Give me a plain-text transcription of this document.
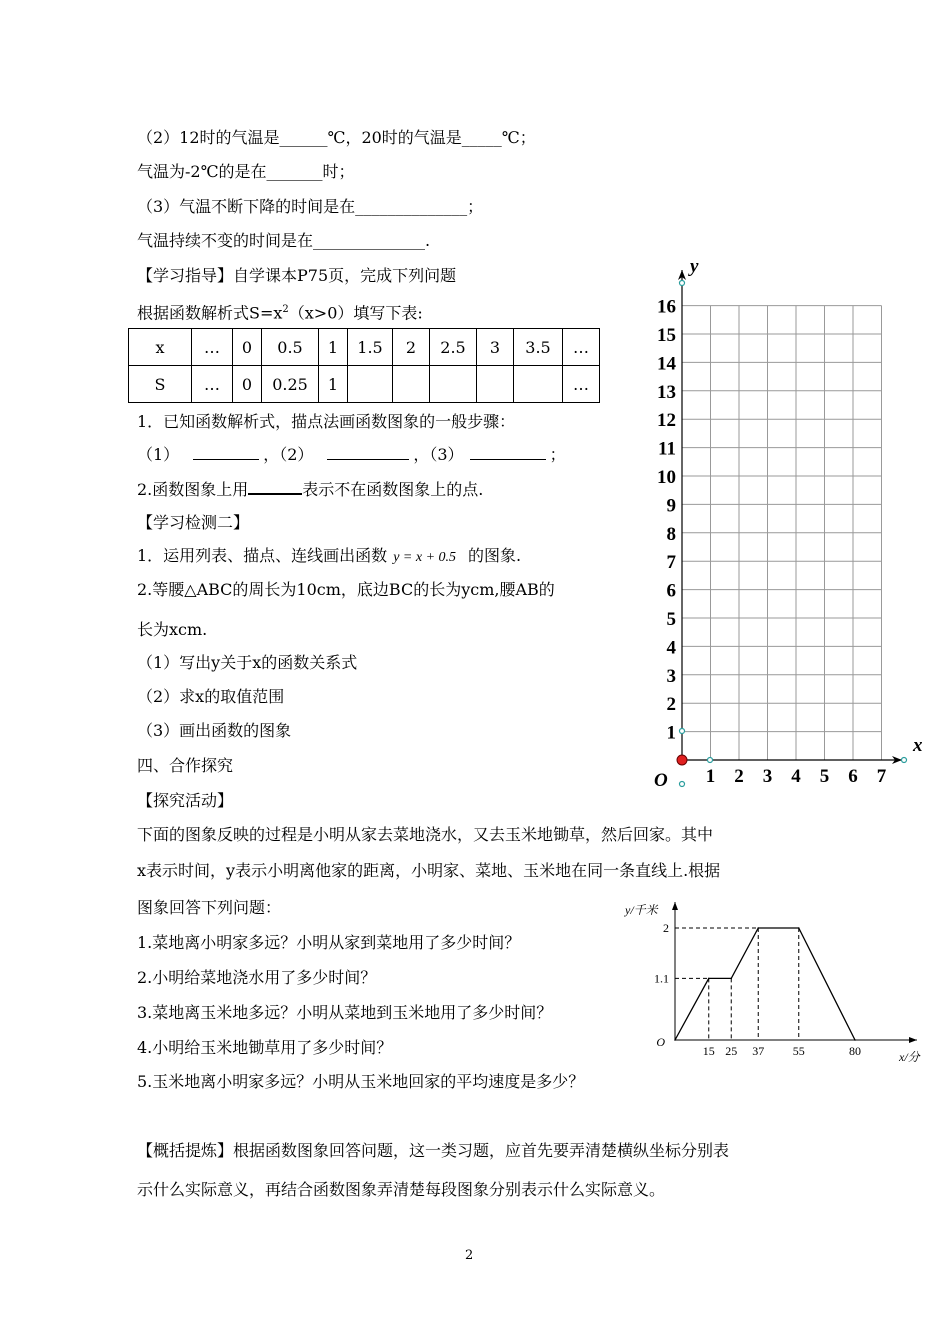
（2）12时的气温是______℃，20时的气温是_____℃；
气温为-2℃的是在_______时；
（3）气温不断下降的时间是在______________；
气温持续不变的时间是在______________.
【学习指导】自学课本P75页，完成下列问题
根据函数解析式$S=x^2(x>0)$填写下表:
x	…	0	0.5	1	1.5	2	2.5	3	3.5	…
S	…	0	0.25	1						…
1．已知函数解析式，描点法画函数图象的一般步骤：
（1）	，（2）	，（3）	；
2.函数图象上用	表示不在函数图象上的点.
【学习检测二】
1．运用列表、描点、连线画出函数 y = x + 0.5 的图象.
2.等腰△ABC的周长为10cm，底边BC的长为ycm,腰AB的
长为xcm.
（1）写出y关于x的函数关系式
（2）求x的取值范围
（3）画出函数的图象
四、合作探究
【探究活动】
下面的图象反映的过程是小明从家去菜地浇水，又去玉米地锄草，然后回家。其中
x表示时间，y表示小明离他家的距离，小明家、菜地、玉米地在同一条直线上.根据
图象回答下列问题：
1.菜地离小明家多远？小明从家到菜地用了多少时间？
2.小明给菜地浇水用了多少时间？
3.菜地离玉米地多远？小明从菜地到玉米地用了多少时间？
4.小明给玉米地锄草用了多少时间？
5.玉米地离小明家多远？小明从玉米地回家的平均速度是多少？
【概括提炼】根据函数图象回答问题，这一类习题，应首先要弄清楚横纵坐标分别表
示什么实际意义，再结合函数图象弄清楚每段图象分别表示什么实际意义。
2
1 2 3 4 5 6 7
1
2
3
4
5
6
7
8
9
10
11
12
13
14
15
16
x
y
O
15 25 37 55	80
1.1
2
O
x/分
y/千米
